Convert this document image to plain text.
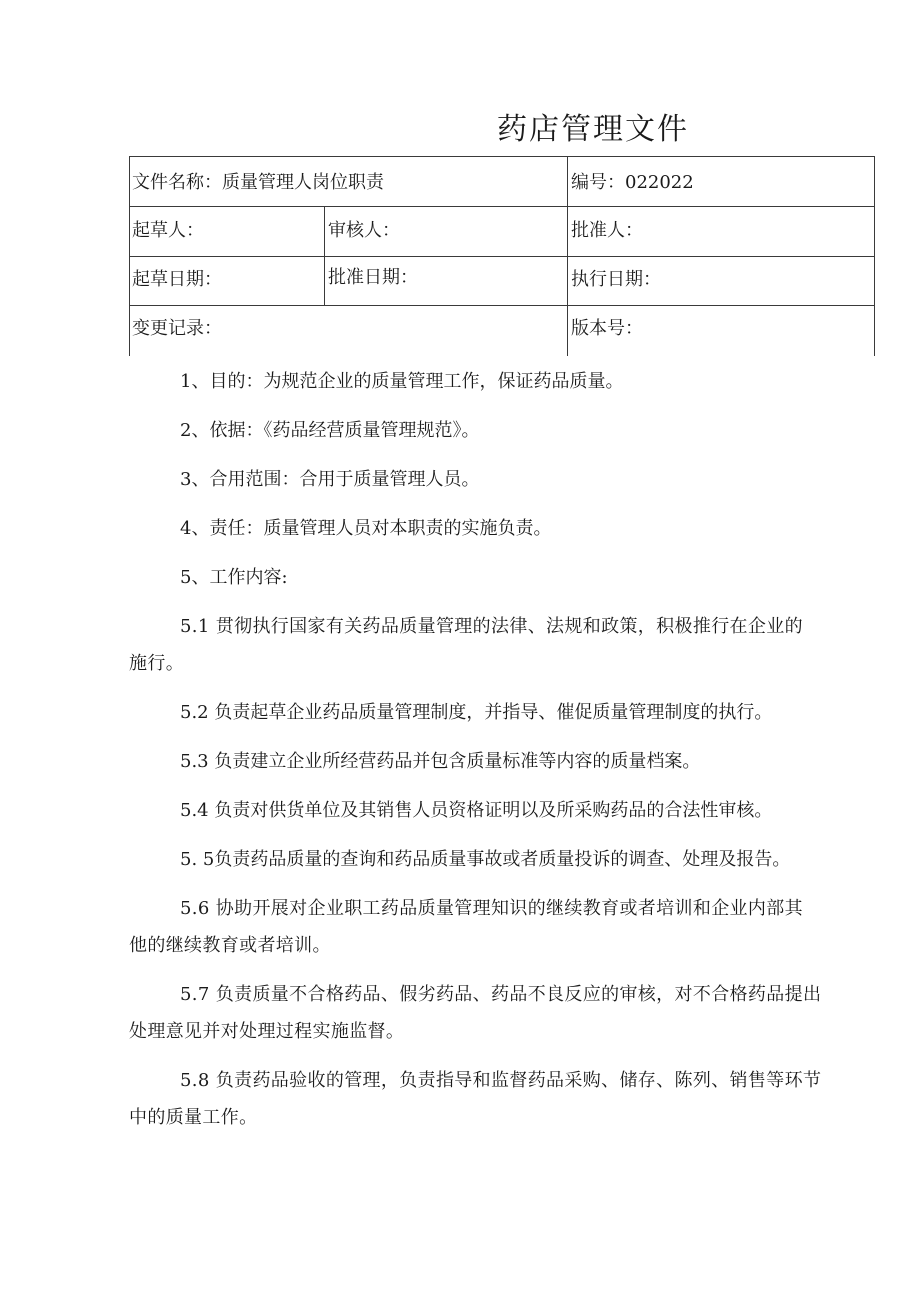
药店管理文件
文件名称：质量管理人岗位职责	编号：022022
起草人：	审核人：	批准人：
起草日期：	批准日期：	执行日期：
变更记录：	版本号：

1、目的：为规范企业的质量管理工作，保证药品质量。

2、依据：《药品经营质量管理规范》。

3、合用范围：合用于质量管理人员。

4、责任：质量管理人员对本职责的实施负责。

5、工作内容:

5.1 贯彻执行国家有关药品质量管理的法律、法规和政策，积极推行在企业的
施行。

5.2 负责起草企业药品质量管理制度，并指导、催促质量管理制度的执行。

5.3 负责建立企业所经营药品并包含质量标准等内容的质量档案。

5.4 负责对供货单位及其销售人员资格证明以及所采购药品的合法性审核。

5. 5负责药品质量的查询和药品质量事故或者质量投诉的调查、处理及报告。

5.6 协助开展对企业职工药品质量管理知识的继续教育或者培训和企业内部其
他的继续教育或者培训。

5.7 负责质量不合格药品、假劣药品、药品不良反应的审核，对不合格药品提出
处理意见并对处理过程实施监督。

5.8 负责药品验收的管理，负责指导和监督药品采购、储存、陈列、销售等环节
中的质量工作。
